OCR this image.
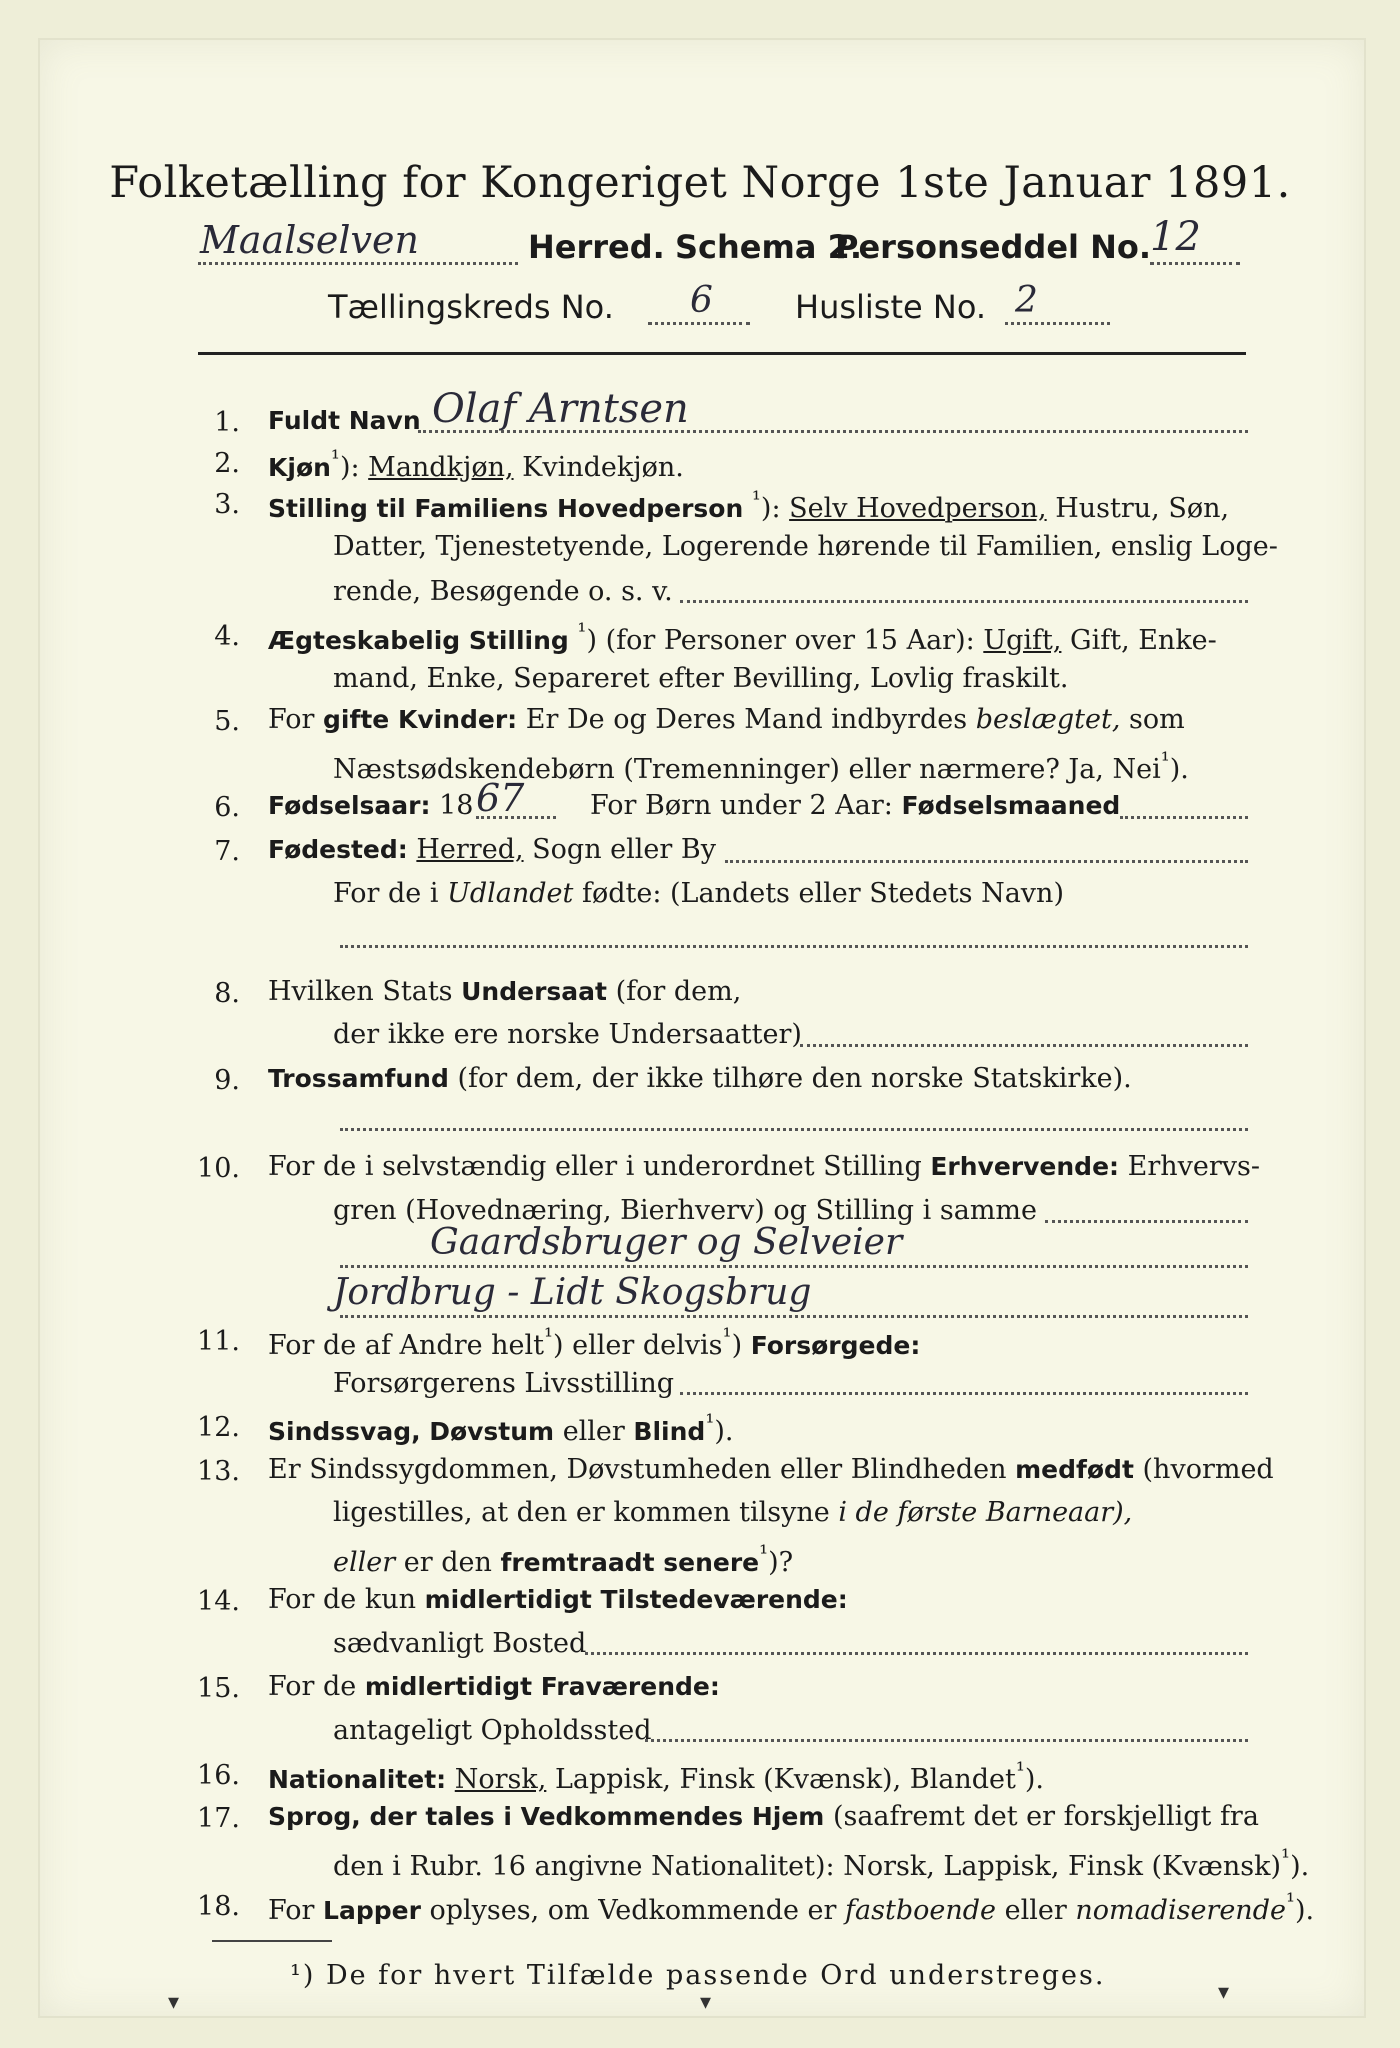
Folketælling for Kongeriget Norge 1ste Januar 1891.
Maalselven	Herred. Schema 2.
Personseddel No.
12
Tællingskreds No. 6	Husliste No. 2
1. Fuldt Navn Olaf Arntsen
2. Kjøn$^{^1}$): Mandkjøn, Kvindekjøn.
3. Stilling til Familiens Hovedperson $^{^1}$): Selv Hovedperson, Hustru, Søn,
Datter, Tjenestetyende, Logerende hørende til Familien, enslig Loge-
rende, Besøgende o. s. v.
4. Ægteskabelig Stilling $^{^1}$) (for Personer over 15 Aar): Ugift, Gift, Enke-
mand, Enke, Separeret efter Bevilling, Lovlig fraskilt.
5. For gifte Kvinder: Er De og Deres Mand indbyrdes beslægtet, som
Næstsødskendebørn (Tremenninger) eller nærmere? Ja, Nei$^{^1}$).
6. Fødselsaar: 18 67 For Børn under 2 Aar: Fødselsmaaned
7. Fødested: Herred, Sogn eller By
For de i Udlandet fødte: (Landets eller Stedets Navn)
8. Hvilken Stats Undersaat (for dem,
der ikke ere norske Undersaatter)
9. Trossamfund (for dem, der ikke tilhøre den norske Statskirke).
10. For de i selvstændig eller i underordnet Stilling Erhvervende: Erhvervs-
gren (Hovednæring, Bierhverv) og Stilling i samme
Gaardsbruger og Selveier
Jordbrug - Lidt Skogsbrug
11. For de af Andre helt$^{^1}$) eller delvis$^{^1}$) Forsørgede:
Forsørgerens Livsstilling
12. Sindssvag, Døvstum eller Blind$^{^1}$).
13. Er Sindssygdommen, Døvstumheden eller Blindheden medfødt (hvormed
ligestilles, at den er kommen tilsyne i de første Barneaar),
eller er den fremtraadt senere$^{^1}$)?
14. For de kun midlertidigt Tilstedeværende:
sædvanligt Bosted
15. For de midlertidigt Fraværende:
antageligt Opholdssted
16. Nationalitet: Norsk, Lappisk, Finsk (Kvænsk), Blandet$^{^1}$).
17. Sprog, der tales i Vedkommendes Hjem (saafremt det er forskjelligt fra
den i Rubr. 16 angivne Nationalitet): Norsk, Lappisk, Finsk (Kvænsk)$^{^1}$).
18. For Lapper oplyses, om Vedkommende er fastboende eller nomadiserende$^{^1}$).
¹) De for hvert Tilfælde passende Ord understreges.
▾	▾	▾
